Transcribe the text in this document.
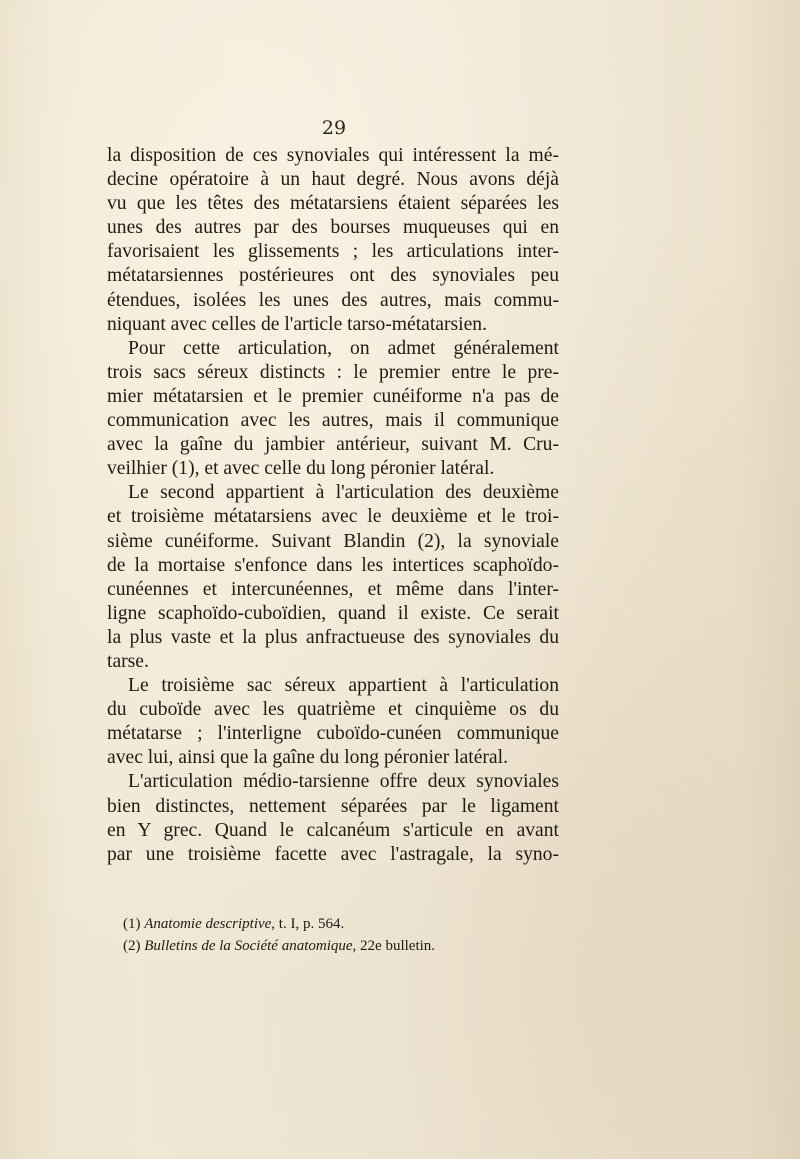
29
la disposition de ces synoviales qui intéressent la mé-
decine opératoire à un haut degré. Nous avons déjà
vu que les têtes des métatarsiens étaient séparées les
unes des autres par des bourses muqueuses qui en
favorisaient les glissements ; les articulations inter-
métatarsiennes postérieures ont des synoviales peu
étendues, isolées les unes des autres, mais commu-
niquant avec celles de l'article tarso-métatarsien.
Pour cette articulation, on admet généralement
trois sacs séreux distincts : le premier entre le pre-
mier métatarsien et le premier cunéiforme n'a pas de
communication avec les autres, mais il communique
avec la gaîne du jambier antérieur, suivant M. Cru-
veilhier (1), et avec celle du long péronier latéral.
Le second appartient à l'articulation des deuxième
et troisième métatarsiens avec le deuxième et le troi-
sième cunéiforme. Suivant Blandin (2), la synoviale
de la mortaise s'enfonce dans les intertices scaphoïdo-
cunéennes et intercunéennes, et même dans l'inter-
ligne scaphoïdo-cuboïdien, quand il existe. Ce serait
la plus vaste et la plus anfractueuse des synoviales du
tarse.
Le troisième sac séreux appartient à l'articulation
du cuboïde avec les quatrième et cinquième os du
métatarse ; l'interligne cuboïdo-cunéen communique
avec lui, ainsi que la gaîne du long péronier latéral.
L'articulation médio-tarsienne offre deux synoviales
bien distinctes, nettement séparées par le ligament
en Y grec. Quand le calcanéum s'articule en avant
par une troisième facette avec l'astragale, la syno-
(1) Anatomie descriptive, t. I, p. 564.
(2) Bulletins de la Société anatomique, 22e bulletin.
